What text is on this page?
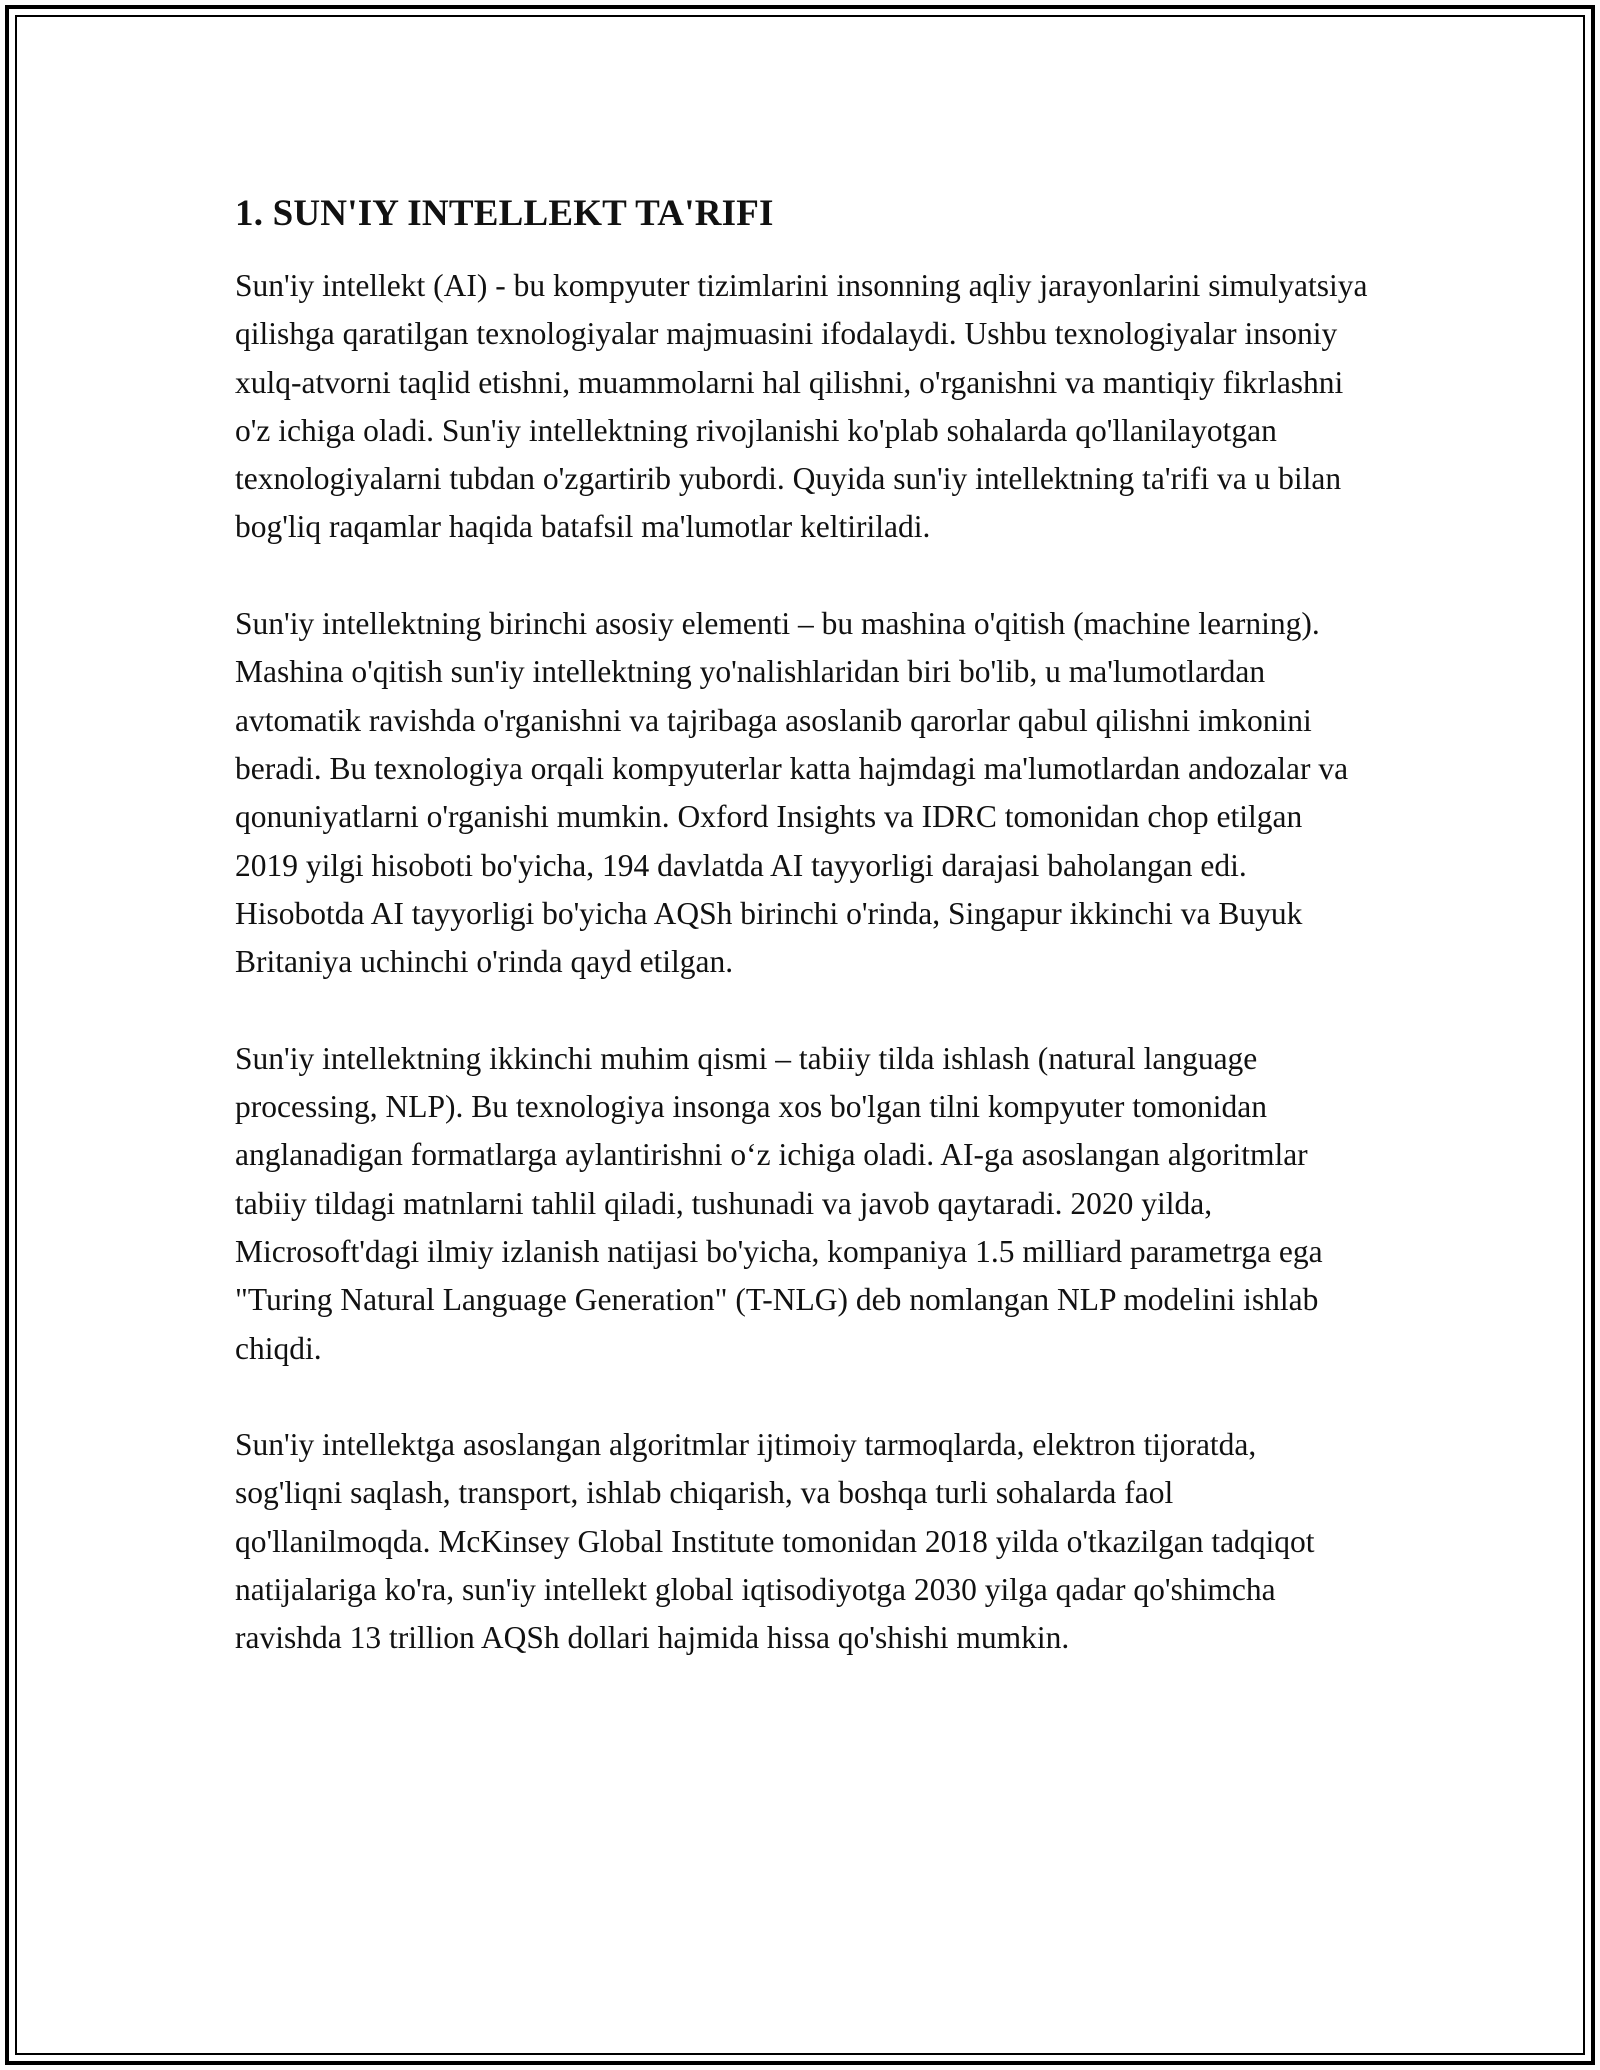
1. SUN'IY INTELLEKT TA'RIFI

Sun'iy intellekt (AI) - bu kompyuter tizimlarini insonning aqliy jarayonlarini simulyatsiya qilishga qaratilgan texnologiyalar majmuasini ifodalaydi. Ushbu texnologiyalar insoniy xulq-atvorni taqlid etishni, muammolarni hal qilishni, o'rganishni va mantiqiy fikrlashni o'z ichiga oladi. Sun'iy intellektning rivojlanishi ko'plab sohalarda qo'llanilayotgan texnologiyalarni tubdan o'zgartirib yubordi. Quyida sun'iy intellektning ta'rifi va u bilan bog'liq raqamlar haqida batafsil ma'lumotlar keltiriladi.

Sun'iy intellektning birinchi asosiy elementi – bu mashina o'qitish (machine learning). Mashina o'qitish sun'iy intellektning yo'nalishlaridan biri bo'lib, u ma'lumotlardan avtomatik ravishda o'rganishni va tajribaga asoslanib qarorlar qabul qilishni imkonini beradi. Bu texnologiya orqali kompyuterlar katta hajmdagi ma'lumotlardan andozalar va qonuniyatlarni o'rganishi mumkin. Oxford Insights va IDRC tomonidan chop etilgan 2019 yilgi hisoboti bo'yicha, 194 davlatda AI tayyorligi darajasi baholangan edi. Hisobotda AI tayyorligi bo'yicha AQSh birinchi o'rinda, Singapur ikkinchi va Buyuk Britaniya uchinchi o'rinda qayd etilgan.

Sun'iy intellektning ikkinchi muhim qismi – tabiiy tilda ishlash (natural language processing, NLP). Bu texnologiya insonga xos bo'lgan tilni kompyuter tomonidan anglanadigan formatlarga aylantirishni o‘z ichiga oladi. AI-ga asoslangan algoritmlar tabiiy tildagi matnlarni tahlil qiladi, tushunadi va javob qaytaradi. 2020 yilda, Microsoft'dagi ilmiy izlanish natijasi bo'yicha, kompaniya 1.5 milliard parametrga ega "Turing Natural Language Generation" (T-NLG) deb nomlangan NLP modelini ishlab chiqdi.

Sun'iy intellektga asoslangan algoritmlar ijtimoiy tarmoqlarda, elektron tijoratda, sog'liqni saqlash, transport, ishlab chiqarish, va boshqa turli sohalarda faol qo'llanilmoqda. McKinsey Global Institute tomonidan 2018 yilda o'tkazilgan tadqiqot natijalariga ko'ra, sun'iy intellekt global iqtisodiyotga 2030 yilga qadar qo'shimcha ravishda 13 trillion AQSh dollari hajmida hissa qo'shishi mumkin.
